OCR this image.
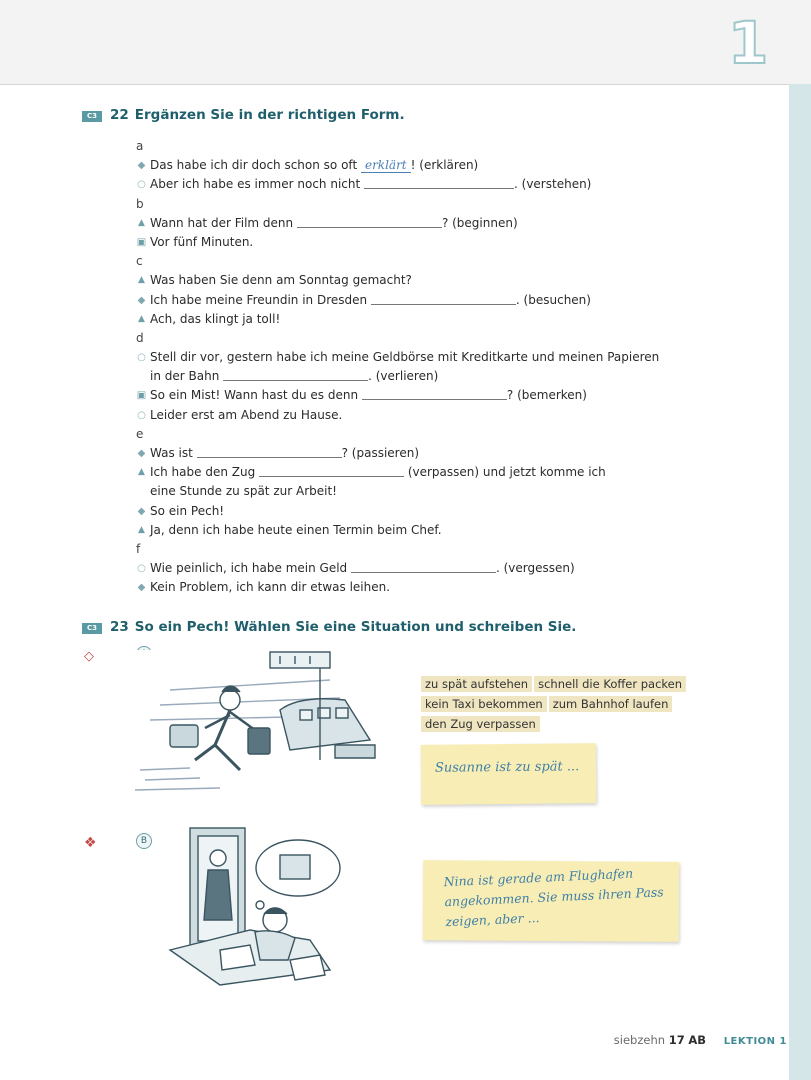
1
C3 22 Ergänzen Sie in der richtigen Form.
a
◆ Das habe ich dir doch schon so oft erklärt ! (erklären)
○ Aber ich habe es immer noch nicht	. (verstehen)
b
▲ Wann hat der Film denn	? (beginnen)
▣ Vor fünf Minuten.
c
▲ Was haben Sie denn am Sonntag gemacht?
◆ Ich habe meine Freundin in Dresden	. (besuchen)
▲ Ach, das klingt ja toll!
d
○ Stell dir vor, gestern habe ich meine Geldbörse mit Kreditkarte und meinen Papieren
in der Bahn	. (verlieren)
▣ So ein Mist! Wann hast du es denn	? (bemerken)
○ Leider erst am Abend zu Hause.
e
◆ Was ist	? (passieren)
▲ Ich habe den Zug	(verpassen) und jetzt komme ich
eine Stunde zu spät zur Arbeit!
◆ So ein Pech!
▲ Ja, denn ich habe heute einen Termin beim Chef.
f
○ Wie peinlich, ich habe mein Geld	. (vergessen)
◆ Kein Problem, ich kann dir etwas leihen.
C3 23 So ein Pech! Wählen Sie eine Situation und schreiben Sie.
◇
zu spät aufstehen schnell die Koffer packenkein Taxi bekommen zum Bahnhof laufenden Zug verpassen
Susanne ist zu spät ...
❖	B
Nina ist gerade am Flughafen
angekommen. Sie muss ihren Pass
zeigen, aber ...
siebzehn 17 AB LEKTION 1
